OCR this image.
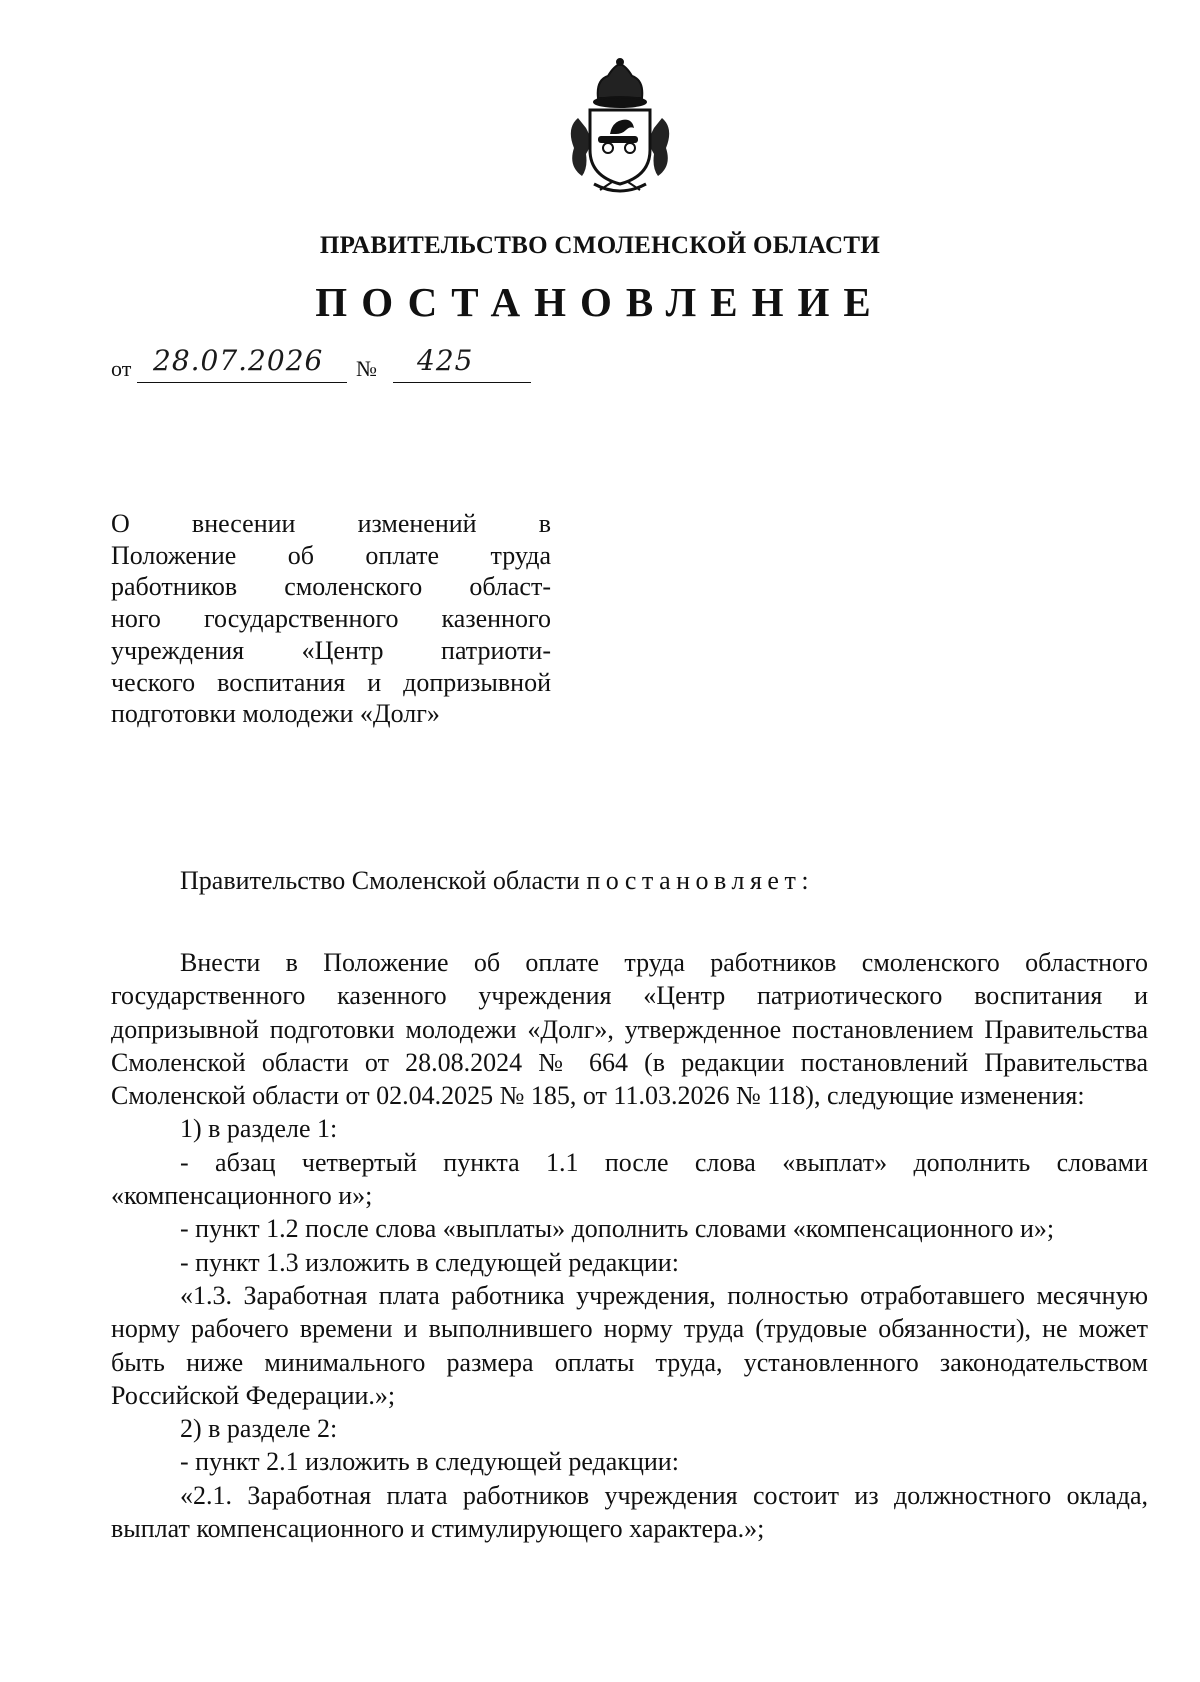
ПРАВИТЕЛЬСТВО СМОЛЕНСКОЙ ОБЛАСТИ
ПОСТАНОВЛЕНИЕ
от 28.07.2026 № 425
О внесении изменений в
Положение об оплате труда
работников смоленского област-
ного государственного казенного
учреждения «Центр патриоти-
ческого воспитания и допризывной
подготовки молодежи «Долг»
Правительство Смоленской области постановляет:

Внести в Положение об оплате труда работников смоленского областного государственного казенного учреждения «Центр патриотического воспитания и допризывной подготовки молодежи «Долг», утвержденное постановлением Правительства Смоленской области от 28.08.2024 № 664 (в редакции постановлений Правительства Смоленской области от 02.04.2025 № 185, от 11.03.2026 № 118), следующие изменения:

1) в разделе 1:

- абзац четвертый пункта 1.1 после слова «выплат» дополнить словами «компенсационного и»;

- пункт 1.2 после слова «выплаты» дополнить словами «компенсационного и»;

- пункт 1.3 изложить в следующей редакции:

«1.3. Заработная плата работника учреждения, полностью отработавшего месячную норму рабочего времени и выполнившего норму труда (трудовые обязанности), не может быть ниже минимального размера оплаты труда, установленного законодательством Российской Федерации.»;

2) в разделе 2:

- пункт 2.1 изложить в следующей редакции:

«2.1. Заработная плата работников учреждения состоит из должностного оклада, выплат компенсационного и стимулирующего характера.»;
